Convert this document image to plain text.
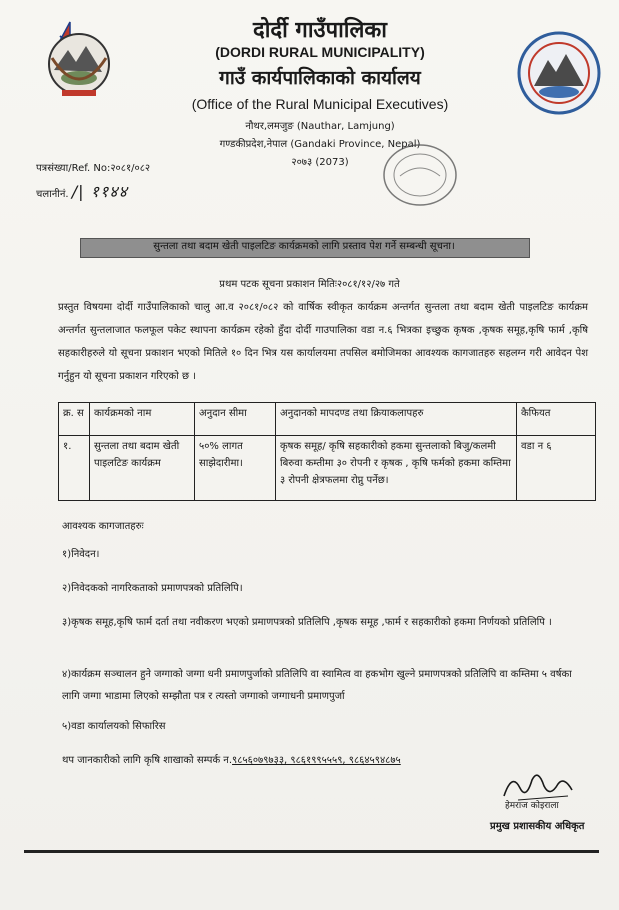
दोर्दी गाउँपालिका
(DORDI RURAL MUNICIPALITY)
गाउँ कार्यपालिकाको कार्यालय
(Office of the Rural Municipal Executives)
नौथर,लमजुङ (Nauthar, Lamjung)
गण्डकीप्रदेश,नेपाल (Gandaki Province, Nepal)
२०७३ (2073)
पत्रसंख्या/Ref. No:२०८१/०८२
चलानीनं. /| ११४४
सुन्तला तथा बदाम खेती पाइलटिङ कार्यक्रमको लागि प्रस्ताव पेश गर्ने सम्बन्धी सूचना।
प्रथम पटक सूचना प्रकाशन मितिः२०८१/१२/२७ गते
प्रस्तुत विषयमा दोर्दी गाउँपालिकाको चालु आ.व २०८१/०८२ को वार्षिक स्वीकृत कार्यक्रम अन्तर्गत सुन्तला तथा बदाम खेती पाइलटिङ कार्यक्रम अन्तर्गत सुन्तलाजात फलफूल पकेट स्थापना कार्यक्रम रहेको हुँदा दोर्दी गाउपालिका वडा न.६ भित्रका इच्छुक कृषक ,कृषक समूह,कृषि फार्म ,कृषि सहकारीहरुले यो सूचना प्रकाशन भएको मितिले १० दिन भित्र यस कार्यालयमा तपसिल बमोजिमका आवश्यक कागजातहरु सहलग्न गरी आवेदन पेश गर्नुहुन यो सूचना प्रकाशन गरिएको छ ।
क्र. स	कार्यक्रमको नाम	अनुदान सीमा	अनुदानको मापदण्ड तथा क्रियाकलापहरु	कैफियत
१.	सुन्तला तथा बदाम खेती पाइलटिङ कार्यक्रम	५०% लागत साझेदारीमा।	कृषक समूह/ कृषि सहकारीको हकमा सुन्तलाको बिजु/कलमी बिरुवा कम्तीमा ३० रोपनी र कृषक , कृषि फर्मको हकमा कम्तिमा ३ रोपनी क्षेत्रफलमा रोप्नु पर्नेछ।	वडा न ६
आवश्यक कागजातहरुः
१)निवेदन।
२)निवेदकको नागरिकताको प्रमाणपत्रको प्रतिलिपि।
३)कृषक समूह,कृषि फार्म दर्ता तथा नवीकरण भएको प्रमाणपत्रको प्रतिलिपि ,कृषक समूह ,फार्म र सहकारीको हकमा निर्णयको प्रतिलिपि ।
४)कार्यक्रम सञ्चालन हुने जग्गाको जग्गा धनी प्रमाणपुर्जाको प्रतिलिपि वा स्वामित्व वा हकभोग खुल्ने प्रमाणपत्रको प्रतिलिपि वा कम्तिमा ५ वर्षका लागि जग्गा भाडामा लिएको सम्झौता पत्र र त्यस्तो जग्गाको जग्गाधनी प्रमाणपुर्जा
५)वडा कार्यालयको सिफारिस
थप जानकारीको लागि कृषि शाखाको सम्पर्क न.९८५६०७९७३३, ९८६१९९५५५९, ९८६४५९४८७५
हेमराज कोइराला
प्रमुख प्रशासकीय अधिकृत
